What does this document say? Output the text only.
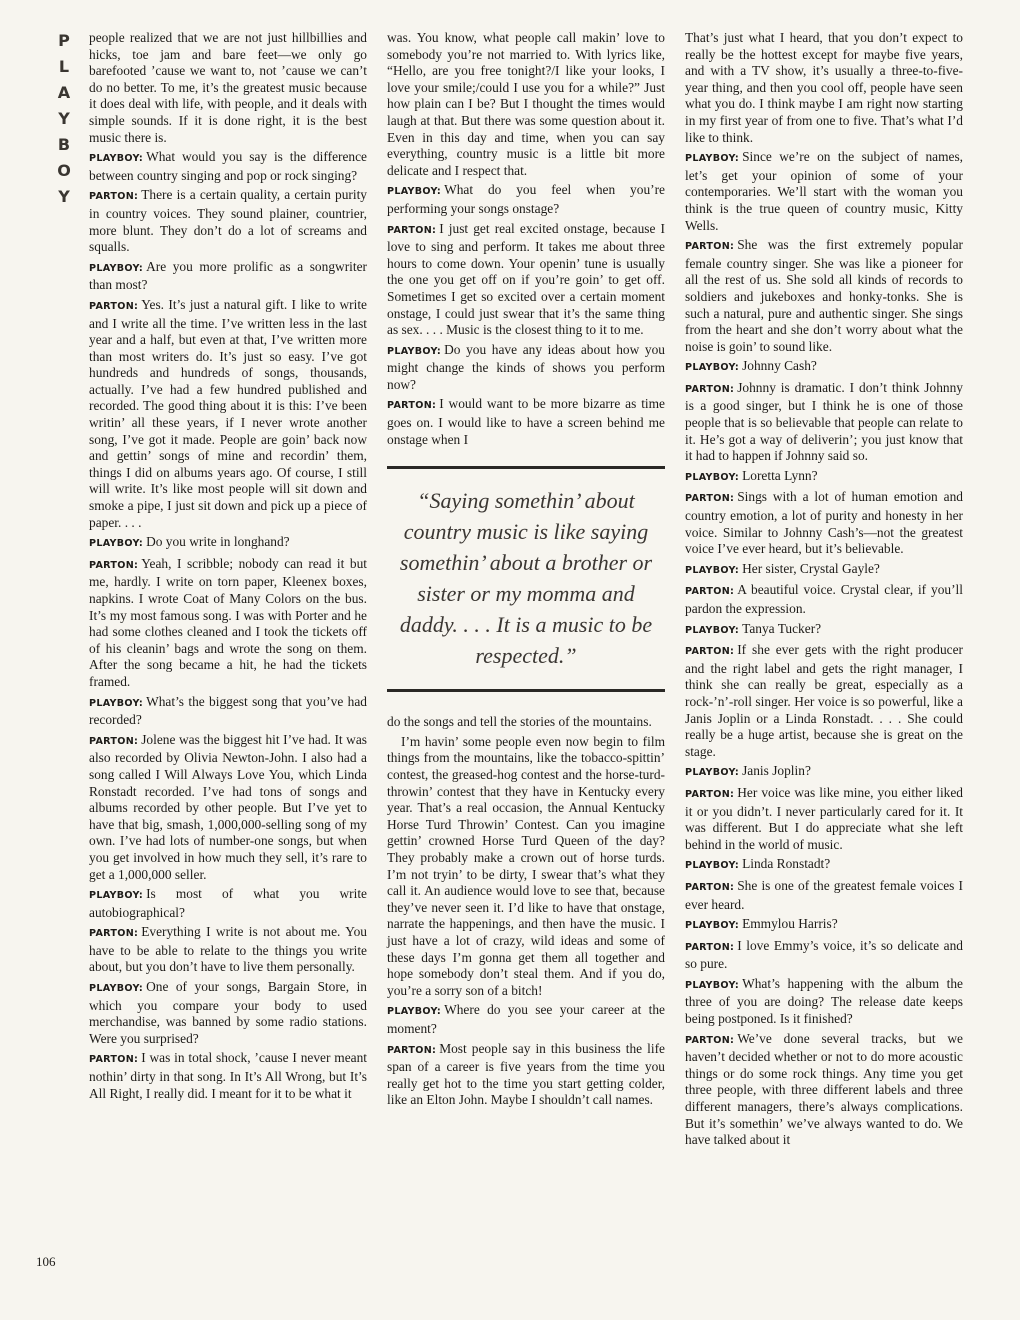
P
L
A
Y
B
O
Y

people realized that we are not just hillbillies and hicks, toe jam and bare feet—we only go barefooted ’cause we want to, not ’cause we can’t do no better. To me, it’s the greatest music because it does deal with life, with people, and it deals with simple sounds. If it is done right, it is the best music there is.

PLAYBOY: What would you say is the difference between country singing and pop or rock singing?

PARTON: There is a certain quality, a certain purity in country voices. They sound plainer, countrier, more blunt. They don’t do a lot of screams and squalls.

PLAYBOY: Are you more prolific as a songwriter than most?

PARTON: Yes. It’s just a natural gift. I like to write and I write all the time. I’ve written less in the last year and a half, but even at that, I’ve written more than most writers do. It’s just so easy. I’ve got hundreds and hundreds of songs, thousands, actually. I’ve had a few hundred published and recorded. The good thing about it is this: I’ve been writin’ all these years, if I never wrote another song, I’ve got it made. People are goin’ back now and gettin’ songs of mine and recordin’ them, things I did on albums years ago. Of course, I still will write. It’s like most people will sit down and smoke a pipe, I just sit down and pick up a piece of paper. . . .

PLAYBOY: Do you write in longhand?

PARTON: Yeah, I scribble; nobody can read it but me, hardly. I write on torn paper, Kleenex boxes, napkins. I wrote Coat of Many Colors on the bus. It’s my most famous song. I was with Porter and he had some clothes cleaned and I took the tickets off of his cleanin’ bags and wrote the song on them. After the song became a hit, he had the tickets framed.

PLAYBOY: What’s the biggest song that you’ve had recorded?

PARTON: Jolene was the biggest hit I’ve had. It was also recorded by Olivia Newton-John. I also had a song called I Will Always Love You, which Linda Ronstadt recorded. I’ve had tons of songs and albums recorded by other people. But I’ve yet to have that big, smash, 1,000,000-selling song of my own. I’ve had lots of number-one songs, but when you get involved in how much they sell, it’s rare to get a 1,000,000 seller.

PLAYBOY: Is most of what you write autobiographical?

PARTON: Everything I write is not about me. You have to be able to relate to the things you write about, but you don’t have to live them personally.

PLAYBOY: One of your songs, Bargain Store, in which you compare your body to used merchandise, was banned by some radio stations. Were you surprised?

PARTON: I was in total shock, ’cause I never meant nothin’ dirty in that song. In It’s All Wrong, but It’s All Right, I really did. I meant for it to be what it

was. You know, what people call makin’ love to somebody you’re not married to. With lyrics like, “Hello, are you free tonight?/I like your looks, I love your smile;/could I use you for a while?” Just how plain can I be? But I thought the times would laugh at that. But there was some question about it. Even in this day and time, when you can say everything, country music is a little bit more delicate and I respect that.

PLAYBOY: What do you feel when you’re performing your songs onstage?

PARTON: I just get real excited onstage, because I love to sing and perform. It takes me about three hours to come down. Your openin’ tune is usually the one you get off on if you’re goin’ to get off. Sometimes I get so excited over a certain moment onstage, I could just swear that it’s the same thing as sex. . . . Music is the closest thing to it to me.

PLAYBOY: Do you have any ideas about how you might change the kinds of shows you perform now?

PARTON: I would want to be more bizarre as time goes on. I would like to have a screen behind me onstage when I

“Saying somethin’ about country music is like saying somethin’ about a brother or sister or my momma and daddy. . . . It is a music to be respected.”

do the songs and tell the stories of the mountains.

I’m havin’ some people even now begin to film things from the mountains, like the tobacco-spittin’ contest, the greased-hog contest and the horse-turd-throwin’ contest that they have in Kentucky every year. That’s a real occasion, the Annual Kentucky Horse Turd Throwin’ Contest. Can you imagine gettin’ crowned Horse Turd Queen of the day? They probably make a crown out of horse turds. I’m not tryin’ to be dirty, I swear that’s what they call it. An audience would love to see that, because they’ve never seen it. I’d like to have that onstage, narrate the happenings, and then have the music. I just have a lot of crazy, wild ideas and some of these days I’m gonna get them all together and hope somebody don’t steal them. And if you do, you’re a sorry son of a bitch!

PLAYBOY: Where do you see your career at the moment?

PARTON: Most people say in this business the life span of a career is five years from the time you really get hot to the time you start getting colder, like an Elton John. Maybe I shouldn’t call names.

That’s just what I heard, that you don’t expect to really be the hottest except for maybe five years, and with a TV show, it’s usually a three-to-five-year thing, and then you cool off, people have seen what you do. I think maybe I am right now starting in my first year of from one to five. That’s what I’d like to think.

PLAYBOY: Since we’re on the subject of names, let’s get your opinion of some of your contemporaries. We’ll start with the woman you think is the true queen of country music, Kitty Wells.

PARTON: She was the first extremely popular female country singer. She was like a pioneer for all the rest of us. She sold all kinds of records to soldiers and jukeboxes and honky-tonks. She is such a natural, pure and authentic singer. She sings from the heart and she don’t worry about what the noise is goin’ to sound like.

PLAYBOY: Johnny Cash?

PARTON: Johnny is dramatic. I don’t think Johnny is a good singer, but I think he is one of those people that is so believable that people can relate to it. He’s got a way of deliverin’; you just know that it had to happen if Johnny said so.

PLAYBOY: Loretta Lynn?

PARTON: Sings with a lot of human emotion and country emotion, a lot of purity and honesty in her voice. Similar to Johnny Cash’s—not the greatest voice I’ve ever heard, but it’s believable.

PLAYBOY: Her sister, Crystal Gayle?

PARTON: A beautiful voice. Crystal clear, if you’ll pardon the expression.

PLAYBOY: Tanya Tucker?

PARTON: If she ever gets with the right producer and the right label and gets the right manager, I think she can really be great, especially as a rock-’n’-roll singer. Her voice is so powerful, like a Janis Joplin or a Linda Ronstadt. . . . She could really be a huge artist, because she is great on the stage.

PLAYBOY: Janis Joplin?

PARTON: Her voice was like mine, you either liked it or you didn’t. I never particularly cared for it. It was different. But I do appreciate what she left behind in the world of music.

PLAYBOY: Linda Ronstadt?

PARTON: She is one of the greatest female voices I ever heard.

PLAYBOY: Emmylou Harris?

PARTON: I love Emmy’s voice, it’s so delicate and so pure.

PLAYBOY: What’s happening with the album the three of you are doing? The release date keeps being postponed. Is it finished?

PARTON: We’ve done several tracks, but we haven’t decided whether or not to do more acoustic things or do some rock things. Any time you get three people, with three different labels and three different managers, there’s always complications. But it’s somethin’ we’ve always wanted to do. We have talked about it

106
